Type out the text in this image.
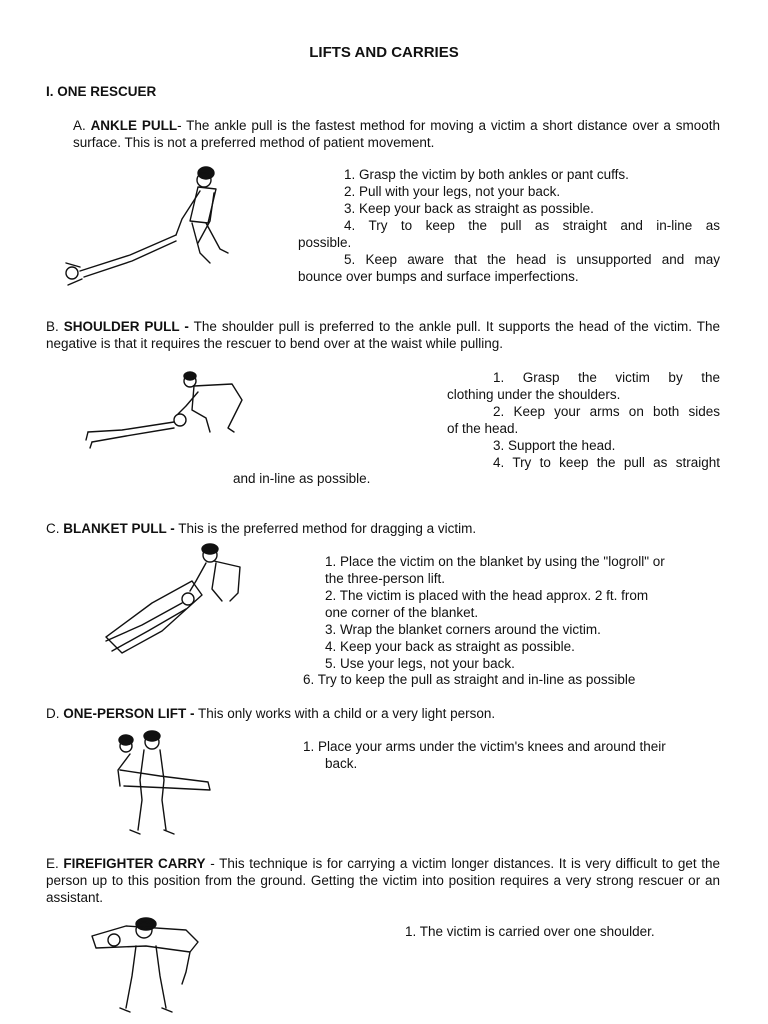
LIFTS AND CARRIES
I. ONE RESCUER
A. ANKLE PULL- The ankle pull is the fastest method for moving a victim a short distance over a smooth surface. This is not a preferred method of patient movement.
1. Grasp the victim by both ankles or pant cuffs.
2. Pull with your legs, not your back.
3. Keep your back as straight as possible.
4. Try to keep the pull as straight and in-line as
possible.
5. Keep aware that the head is unsupported and may
bounce over bumps and surface imperfections.
B. SHOULDER PULL - The shoulder pull is preferred to the ankle pull. It supports the head of the victim. The negative is that it requires the rescuer to bend over at the waist while pulling.
1. Grasp the victim by the
clothing under the shoulders.
2. Keep your arms on both sides
of the head.
3. Support the head.
4. Try to keep the pull as straight
and in-line as possible.
C. BLANKET PULL - This is the preferred method for dragging a victim.
1. Place the victim on the blanket by using the "logroll" or
the three-person lift.
2. The victim is placed with the head approx. 2 ft. from
one corner of the blanket.
3. Wrap the blanket corners around the victim.
4. Keep your back as straight as possible.
5. Use your legs, not your back.
6. Try to keep the pull as straight and in-line as possible
D. ONE-PERSON LIFT - This only works with a child or a very light person.
1. Place your arms under the victim's knees and around their
back.
E. FIREFIGHTER CARRY - This technique is for carrying a victim longer distances. It is very difficult to get the person up to this position from the ground. Getting the victim into position requires a very strong rescuer or an assistant.
1. The victim is carried over one shoulder.
